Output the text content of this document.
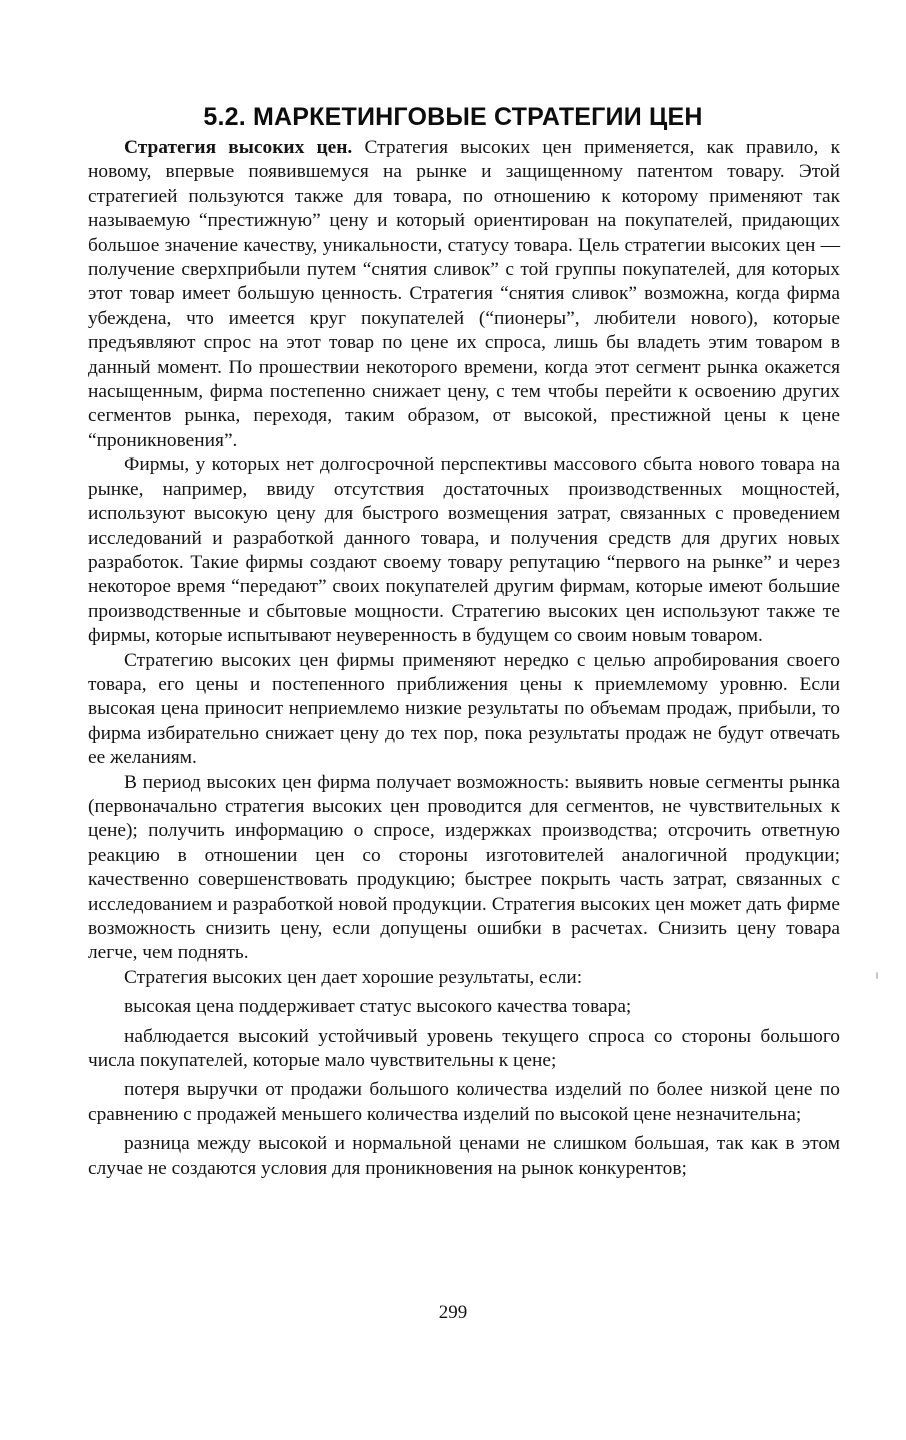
5.2. МАРКЕТИНГОВЫЕ СТРАТЕГИИ ЦЕН

Стратегия высоких цен. Стратегия высоких цен применяется, как правило, к новому, впервые появившемуся на рынке и защищенному патентом товару. Этой стратегией пользуются также для товара, по отношению к которому применяют так называемую “престижную” цену и который ориентирован на покупателей, придающих большое значение качеству, уникальности, статусу товара. Цель стратегии высоких цен — получение сверхприбыли путем “снятия сливок” с той группы покупателей, для которых этот товар имеет большую ценность. Стратегия “снятия сливок” возможна, когда фирма убеждена, что имеется круг покупателей (“пионеры”, любители нового), которые предъявляют спрос на этот товар по цене их спроса, лишь бы владеть этим товаром в данный момент. По прошествии некоторого времени, когда этот сегмент рынка окажется насыщенным, фирма постепенно снижает цену, с тем чтобы перейти к освоению других сегментов рынка, переходя, таким образом, от высокой, престижной цены к цене “проникновения”.

Фирмы, у которых нет долгосрочной перспективы массового сбыта нового товара на рынке, например, ввиду отсутствия достаточных производственных мощностей, используют высокую цену для быстрого возмещения затрат, связанных с проведением исследований и разработкой данного товара, и получения средств для других новых разработок. Такие фирмы создают своему товару репутацию “первого на рынке” и через некоторое время “передают” своих покупателей другим фирмам, которые имеют большие производственные и сбытовые мощности. Стратегию высоких цен используют также те фирмы, которые испытывают неуверенность в будущем со своим новым товаром.

Стратегию высоких цен фирмы применяют нередко с целью апробирования своего товара, его цены и постепенного приближения цены к приемлемому уровню. Если высокая цена приносит неприемлемо низкие результаты по объемам продаж, прибыли, то фирма избирательно снижает цену до тех пор, пока результаты продаж не будут отвечать ее желаниям.

В период высоких цен фирма получает возможность: выявить новые сегменты рынка (первоначально стратегия высоких цен проводится для сегментов, не чувствительных к цене); получить информацию о спросе, издержках производства; отсрочить ответную реакцию в отношении цен со стороны изготовителей аналогичной продукции; качественно совершенствовать продукцию; быстрее покрыть часть затрат, связанных с исследованием и разработкой новой продукции. Стратегия высоких цен может дать фирме возможность снизить цену, если допущены ошибки в расчетах. Снизить цену товара легче, чем поднять.

Стратегия высоких цен дает хорошие результаты, если:

высокая цена поддерживает статус высокого качества товара;

наблюдается высокий устойчивый уровень текущего спроса со стороны большого числа покупателей, которые мало чувствительны к цене;

потеря выручки от продажи большого количества изделий по более низкой цене по сравнению с продажей меньшего количества изделий по высокой цене незначительна;

разница между высокой и нормальной ценами не слишком большая, так как в этом случае не создаются условия для проникновения на рынок конкурентов;

299
